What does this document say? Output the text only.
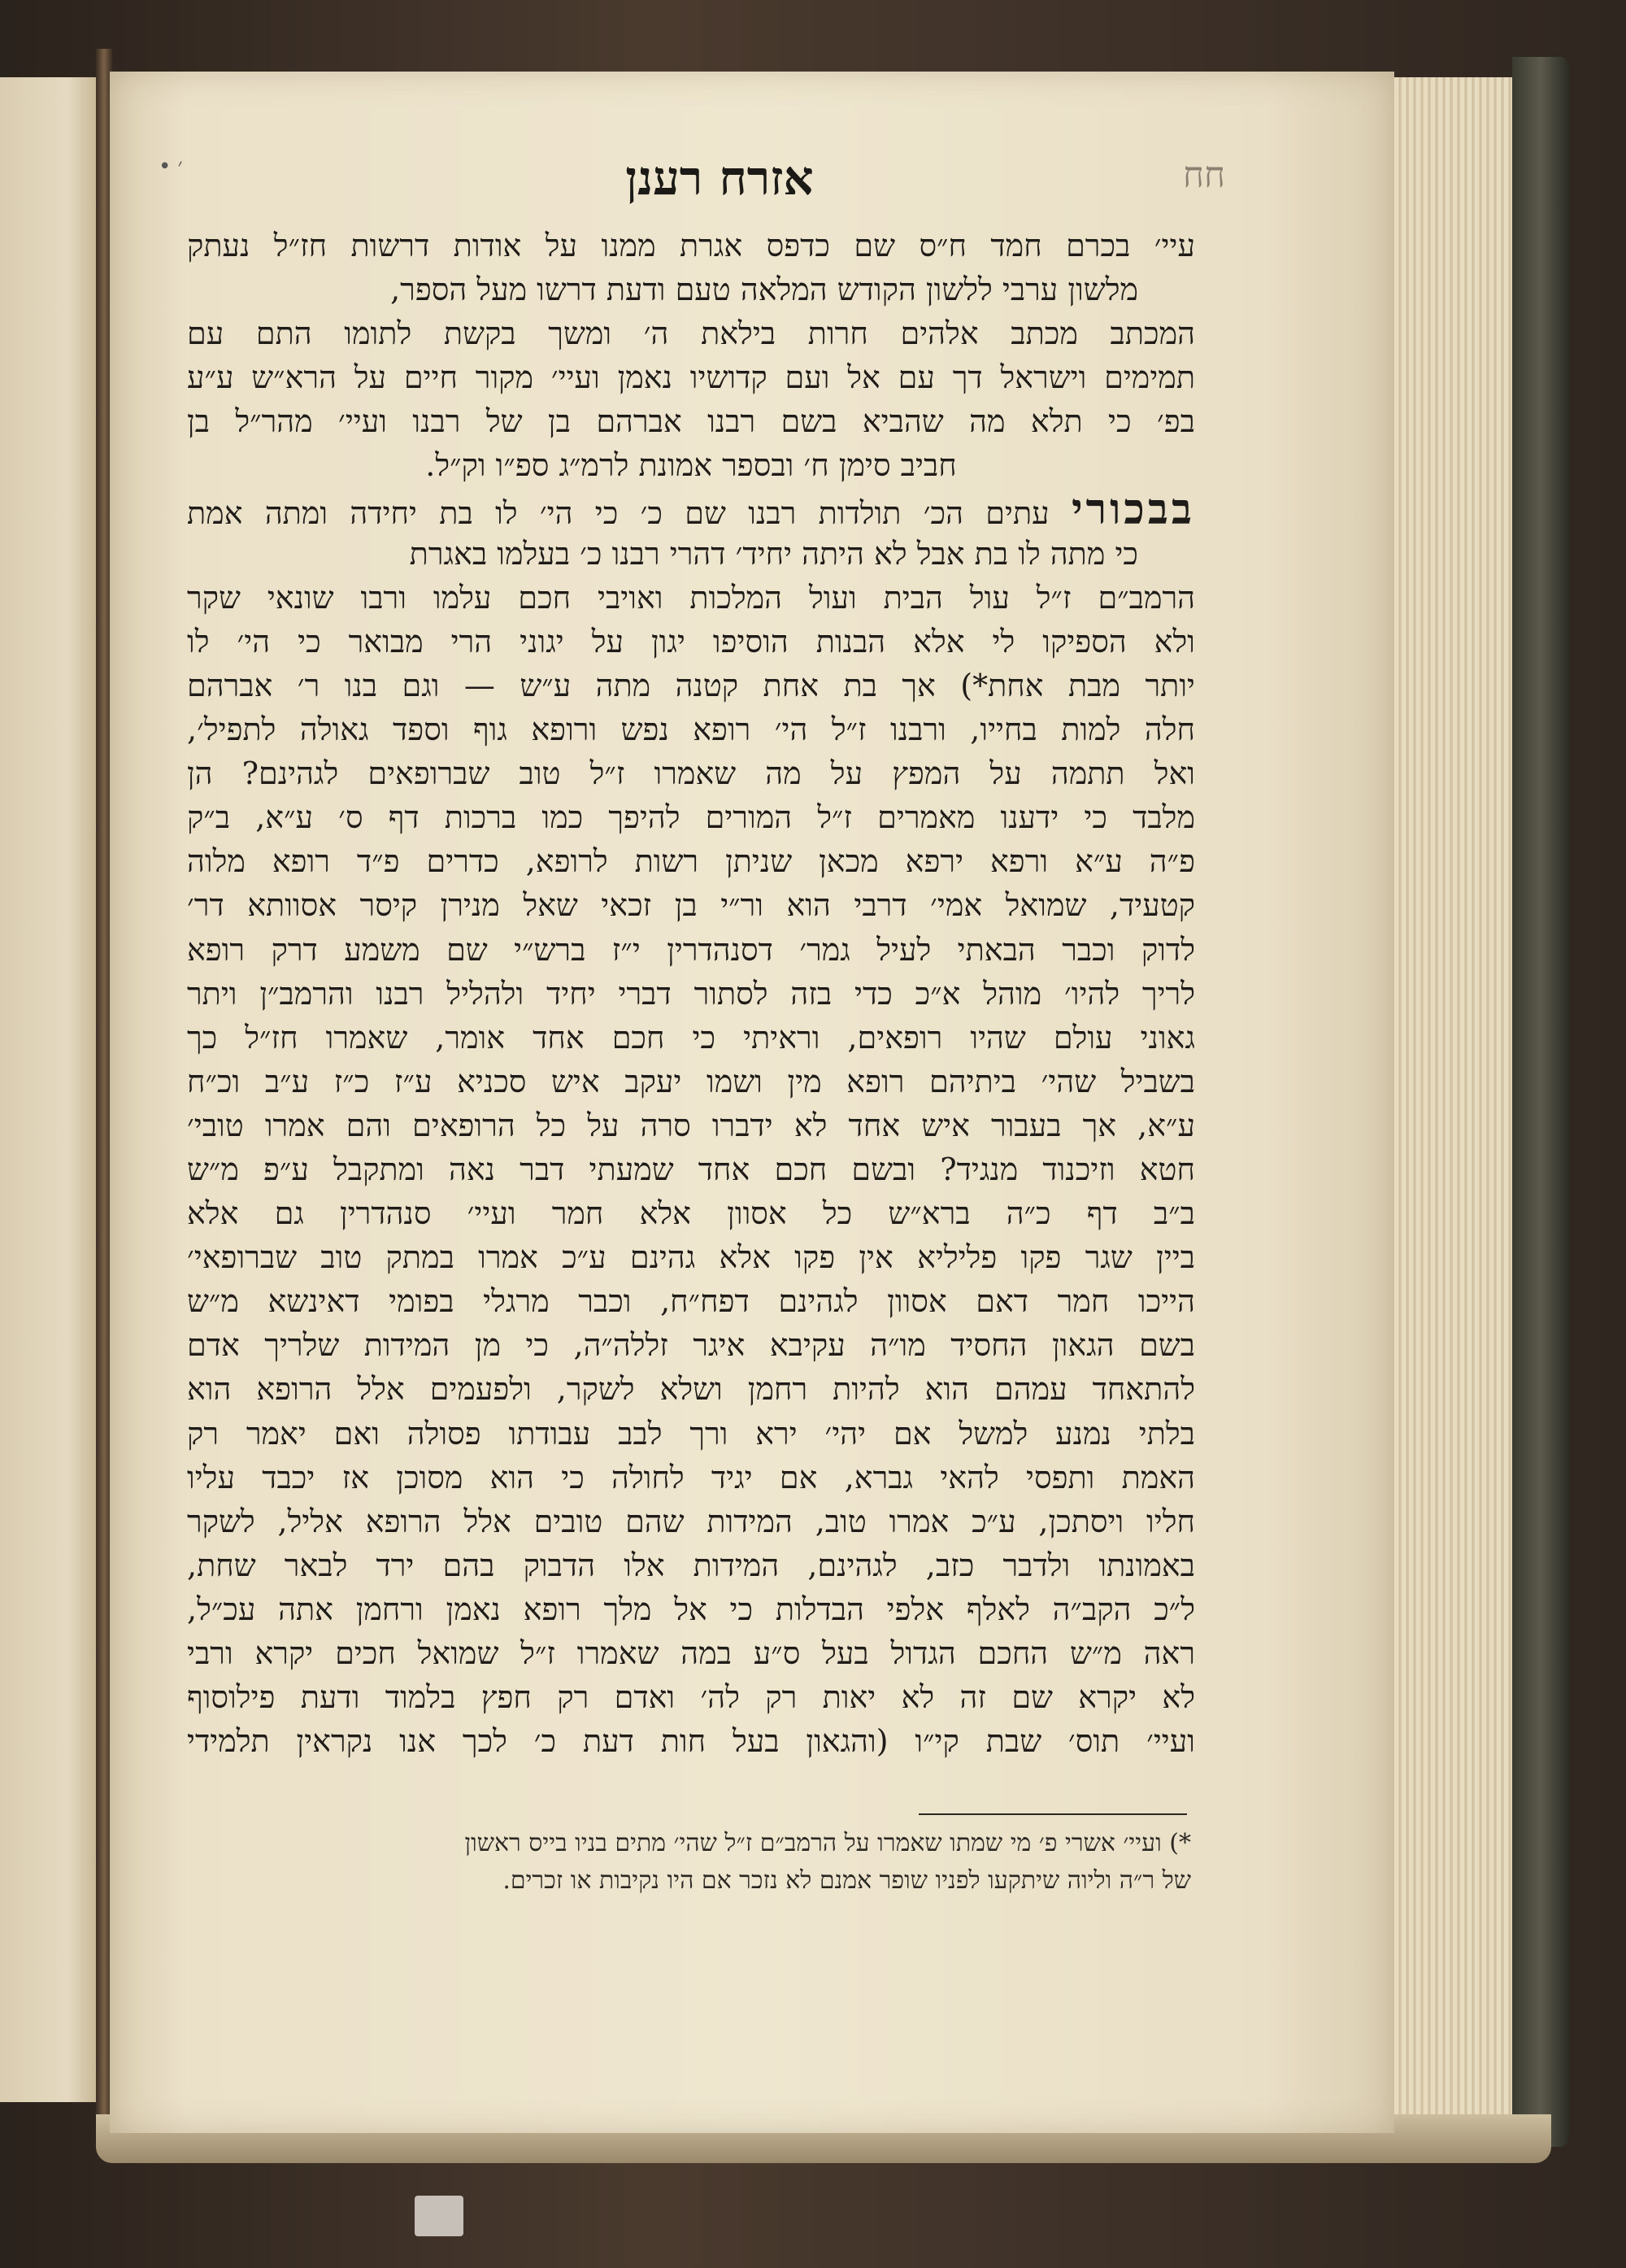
• ׳	אזרח רענן	חח
עיי׳ בכרם חמד ח״ס שם כדפס אגרת ממנו על אודות דרשות חז״ל נעתק
מלשון ערבי ללשון הקודש המלאה טעם ודעת דרשו מעל הספר,
המכתב מכתב אלהים חרות בילאת ה׳ ומשך בקשת לתומו התם עם
תמימים וישראל דך עם אל ועם קדושיו נאמן ועיי׳ מקור חיים על הרא״ש ע״ע
בפ׳ כי תלא מה שהביא בשם רבנו אברהם בן של רבנו ועיי׳ מהר״ל בן
חביב סימן ח׳ ובספר אמונת לרמ״ג ספ״ו וק״ל.
בבכורי עתים הכ׳ תולדות רבנו שם כ׳ כי הי׳ לו בת יחידה ומתה אמת
כי מתה לו בת אבל לא היתה יחיד׳ דהרי רבנו כ׳ בעלמו באגרת
הרמב״ם ז״ל עול הבית ועול המלכות ואויבי חכם עלמו ורבו שונאי שקר
ולא הספיקו לי אלא הבנות הוסיפו יגון על יגוני הרי מבואר כי הי׳ לו
יותר מבת אחת*) אך בת אחת קטנה מתה ע״ש — וגם בנו ר׳ אברהם
חלה למות בחייו, ורבנו ז״ל הי׳ רופא נפש ורופא גוף וספד גאולה לתפיל׳,
ואל תתמה על המפץ על מה שאמרו ז״ל טוב שברופאים לגהינם? הן
מלבד כי ידענו מאמרים ז״ל המורים להיפך כמו ברכות דף ס׳ ע״א, ב״ק
פ״ה ע״א ורפא ירפא מכאן שניתן רשות לרופא, כדרים פ״ד רופא מלוה
קטעיד, שמואל אמי׳ דרבי הוא ור״י בן זכאי שאל מנירן קיסר אסוותא דר׳
לדוק וכבר הבאתי לעיל גמר׳ דסנהדרין י״ז ברש״י שם משמע דרק רופא
לריך להיו׳ מוהל א״כ כדי בזה לסתור דברי יחיד ולהליל רבנו והרמב״ן ויתר
גאוני עולם שהיו רופאים, וראיתי כי חכם אחד אומר, שאמרו חז״ל כך
בשביל שהי׳ ביתיהם רופא מין ושמו יעקב איש סכניא ע״ז כ״ז ע״ב וכ״ח
ע״א, אך בעבור איש אחד לא ידברו סרה על כל הרופאים והם אמרו טובי׳
חטא וזיכנוד מנגיד? ובשם חכם אחד שמעתי דבר נאה ומתקבל ע״פ מ״ש
ב״ב דף כ״ה ברא״ש כל אסוון אלא חמר ועיי׳ סנהדרין גם אלא
ביין שגר פקו פליליא אין פקו אלא גהינם ע״כ אמרו במתק טוב שברופאי׳
הייכו חמר דאם אסוון לגהינם דפח״ח, וכבר מרגלי בפומי דאינשא מ״ש
בשם הגאון החסיד מו״ה עקיבא איגר זללה״ה, כי מן המידות שלריך אדם
להתאחד עמהם הוא להיות רחמן ושלא לשקר, ולפעמים אלל הרופא הוא
בלתי נמנע למשל אם יהי׳ ירא ורך לבב עבודתו פסולה ואם יאמר רק
האמת ותפסי להאי גברא, אם יגיד לחולה כי הוא מסוכן אז יכבד עליו
חליו ויסתכן, ע״כ אמרו טוב, המידות שהם טובים אלל הרופא אליל, לשקר
באמונתו ולדבר כזב, לגהינם, המידות אלו הדבוק בהם ירד לבאר שחת,
ל״כ הקב״ה לאלף אלפי הבדלות כי אל מלך רופא נאמן ורחמן אתה עכ״ל,
ראה מ״ש החכם הגדול בעל ס״ע במה שאמרו ז״ל שמואל חכים יקרא ורבי
לא יקרא שם זה לא יאות רק לה׳ ואדם רק חפץ בלמוד ודעת פילוסוף
ועיי׳ תוס׳ שבת קי״ו (והגאון בעל חות דעת כ׳ לכך אנו נקראין תלמידי
*) ועיי׳ אשרי פ׳ מי שמתו שאמרו על הרמב״ם ז״ל שהי׳ מתים בניו בייס ראשון
של ר״ה וליוה שיתקעו לפניו שופר אמנם לא נזכר אם היו נקיבות או זכרים.
